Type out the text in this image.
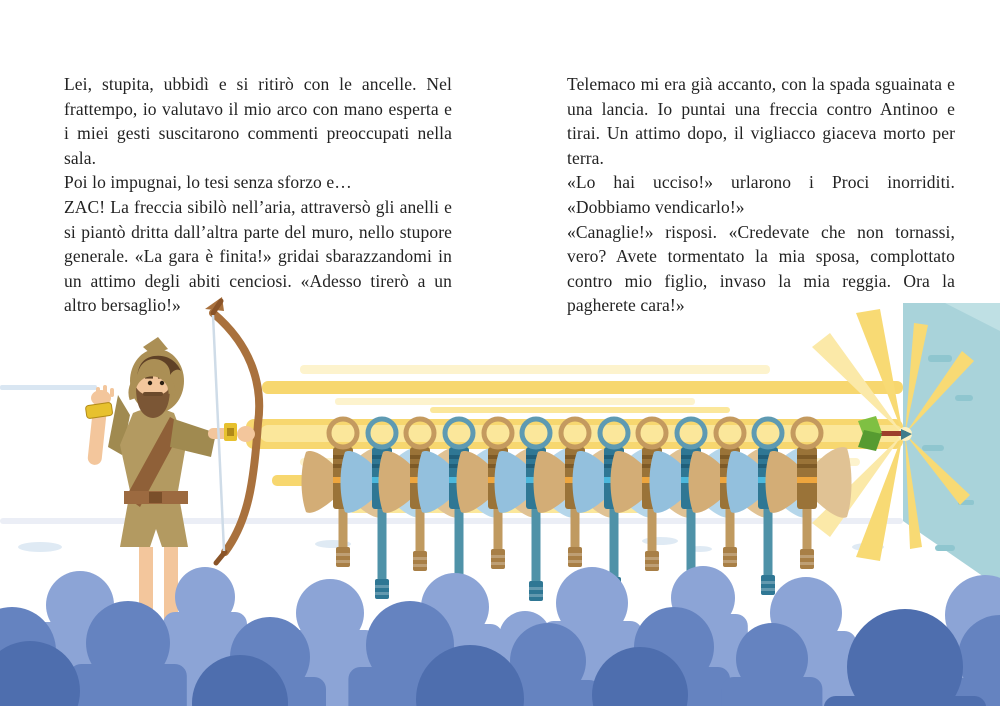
Lei, stupita, ubbidì e si ritirò con le ancelle. Nel frattempo, io valutavo il mio arco con mano esperta e i miei gesti suscitarono commenti preoccupati nella sala.

Poi lo impugnai, lo tesi senza sforzo e…

ZAC! La freccia sibilò nell’aria, attraversò gli anelli e si piantò dritta dall’altra parte del muro, nello stupore generale. «La gara è finita!» gridai sbarazzandomi in un attimo degli abiti cenciosi. «Adesso tirerò a un altro bersaglio!»

Telemaco mi era già accanto, con la spada sguainata e una lancia. Io puntai una freccia contro Antinoo e tirai. Un attimo dopo, il vigliacco giaceva morto per terra.

«Lo hai ucciso!» urlarono i Proci inorriditi. «Dobbiamo vendicarlo!»

«Canaglie!» risposi. «Credevate che non tornassi, vero? Avete tormentato la mia sposa, complottato contro mio figlio, invaso la mia reggia. Ora la pagherete cara!»
